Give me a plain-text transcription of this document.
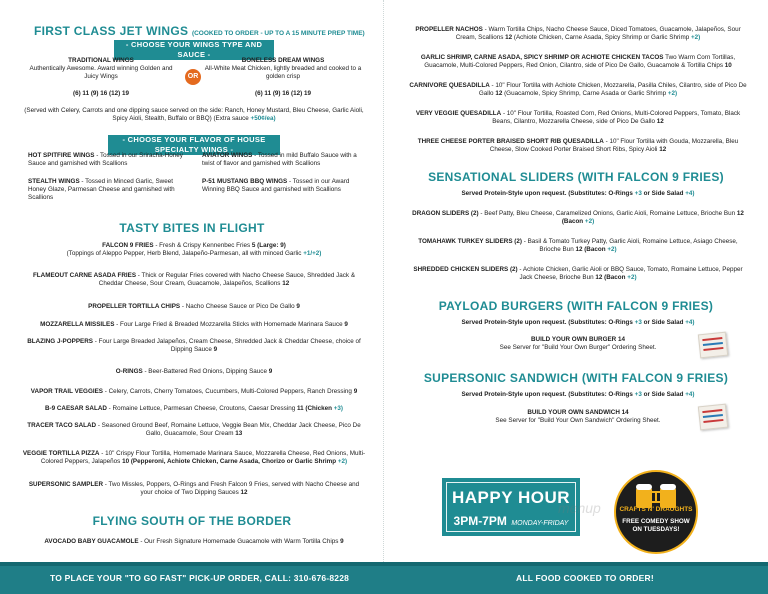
FIRST CLASS JET WINGS (COOKED TO ORDER - UP TO A 15 MINUTE PREP TIME)
- CHOOSE YOUR WINGS TYPE AND SAUCE -
TRADITIONAL WINGS
Authentically Awesome. Award winning Golden and Juicy Wings
(6) 11 (9) 16 (12) 19
OR
BONELESS DREAM WINGS
All-White Meat Chicken, lightly breaded and cooked to a golden crisp
(6) 11 (9) 16 (12) 19
(Served with Celery, Carrots and one dipping sauce served on the side: Ranch, Honey Mustard, Bleu Cheese, Garlic Aioli, Spicy Aioli, Stealth, Buffalo or BBQ) (Extra sauce +50¢/ea)
- CHOOSE YOUR FLAVOR OF HOUSE SPECIALTY WINGS -
HOT SPITFIRE WINGS - Tossed in our Sriracha-Honey Sauce and garnished with Scallions
AVIATOR WINGS - Tossed in mild Buffalo Sauce with a twist of flavor and garnished with Scallions
STEALTH WINGS - Tossed in Minced Garlic, Sweet Honey Glaze, Parmesan Cheese and garnished with Scallions
P-51 MUSTANG BBQ WINGS - Tossed in our Award Winning BBQ Sauce and garnished with Scallions
TASTY BITES IN FLIGHT
FALCON 9 FRIES - Fresh & Crispy Kennenbec Fries 5 (Large: 9)
(Toppings of Aleppo Pepper, Herb Blend, Jalapeño-Parmesan, all with minced Garlic +1/+2)
FLAMEOUT CARNE ASADA FRIES - Thick or Regular Fries covered with Nacho Cheese Sauce, Shredded Jack & Cheddar Cheese, Sour Cream, Guacamole, Jalapeños, Scallions 12
PROPELLER TORTILLA CHIPS - Nacho Cheese Sauce or Pico De Gallo 9
MOZZARELLA MISSILES - Four Large Fried & Breaded Mozzarella Sticks with Homemade Marinara Sauce 9
BLAZING J-POPPERS - Four Large Breaded Jalapeños, Cream Cheese, Shredded Jack & Cheddar Cheese, choice of Dipping Sauce 9
O-RINGS - Beer-Battered Red Onions, Dipping Sauce 9
VAPOR TRAIL VEGGIES - Celery, Carrots, Cherry Tomatoes, Cucumbers, Multi-Colored Peppers, Ranch Dressing 9
B-9 CAESAR SALAD - Romaine Lettuce, Parmesan Cheese, Croutons, Caesar Dressing 11 (Chicken +3)
TRACER TACO SALAD - Seasoned Ground Beef, Romaine Lettuce, Veggie Bean Mix, Cheddar Jack Cheese, Pico De Gallo, Guacamole, Sour Cream 13
VEGGIE TORTILLA PIZZA - 10" Crispy Flour Tortilla, Homemade Marinara Sauce, Mozzarella Cheese, Red Onions, Multi-Colored Peppers, Jalapeños 10 (Pepperoni, Achiote Chicken, Carne Asada, Chorizo or Garlic Shrimp +2)
SUPERSONIC SAMPLER - Two Missles, Poppers, O-Rings and Fresh Falcon 9 Fries, served with Nacho Cheese and your choice of Two Dipping Sauces 12
FLYING SOUTH OF THE BORDER
AVOCADO BABY GUACAMOLE - Our Fresh Signature Homemade Guacamole with Warm Tortilla Chips 9
PROPELLER NACHOS - Warm Tortilla Chips, Nacho Cheese Sauce, Diced Tomatoes, Guacamole, Jalapeños, Sour Cream, Scallions 12 (Achiote Chicken, Carne Asada, Spicy Shrimp or Garlic Shrimp +2)
GARLIC SHRIMP, CARNE ASADA, SPICY SHRIMP OR ACHIOTE CHICKEN TACOS Two Warm Corn Tortillas, Guacamole, Multi-Colored Peppers, Red Onion, Cilantro, side of Pico De Gallo, Guacamole & Tortilla Chips 10
CARNIVORE QUESADILLA - 10" Flour Tortilla with Achiote Chicken, Mozzarella, Pasilla Chiles, Cilantro, side of Pico De Gallo 12 (Guacamole, Spicy Shrimp, Carne Asada or Garlic Shrimp +2)
VERY VEGGIE QUESADILLA - 10" Flour Tortilla, Roasted Corn, Red Onions, Multi-Colored Peppers, Tomato, Black Beans, Cilantro, Mozzarella Cheese, side of Pico De Gallo 12
THREE CHEESE PORTER BRAISED SHORT RIB QUESADILLA - 10" Flour Tortilla with Gouda, Mozzarella, Bleu Cheese, Slow Cooked Porter Braised Short Ribs, Spicy Aioli 12
SENSATIONAL SLIDERS (WITH FALCON 9 FRIES)
Served Protein-Style upon request. (Substitutes: O-Rings +3 or Side Salad +4)
DRAGON SLIDERS (2) - Beef Patty, Bleu Cheese, Caramelized Onions, Garlic Aioli, Romaine Lettuce, Brioche Bun 12 (Bacon +2)
TOMAHAWK TURKEY SLIDERS (2) - Basil & Tomato Turkey Patty, Garlic Aioli, Romaine Lettuce, Asiago Cheese, Brioche Bun 12 (Bacon +2)
SHREDDED CHICKEN SLIDERS (2) - Achiote Chicken, Garlic Aioli or BBQ Sauce, Tomato, Romaine Lettuce, Pepper Jack Cheese, Brioche Bun 12 (Bacon +2)
PAYLOAD BURGERS (WITH FALCON 9 FRIES)
Served Protein-Style upon request. (Substitutes: O-Rings +3 or Side Salad +4)
BUILD YOUR OWN BURGER 14
See Server for "Build Your Own Burger" Ordering Sheet.
SUPERSONIC SANDWICH (WITH FALCON 9 FRIES)
Served Protein-Style upon request. (Substitutes: O-Rings +3 or Side Salad +4)
BUILD YOUR OWN SANDWICH 14
See Server for "Build Your Own Sandwich" Ordering Sheet.
HAPPY HOUR
3PM-7PM MONDAY-FRIDAY
menup	CRAFTS N' DRAUGHTS
FREE COMEDY SHOW
ON TUESDAYS!
TO PLACE YOUR "TO GO FAST" PICK-UP ORDER, CALL: 310-676-8228	ALL FOOD COOKED TO ORDER!
